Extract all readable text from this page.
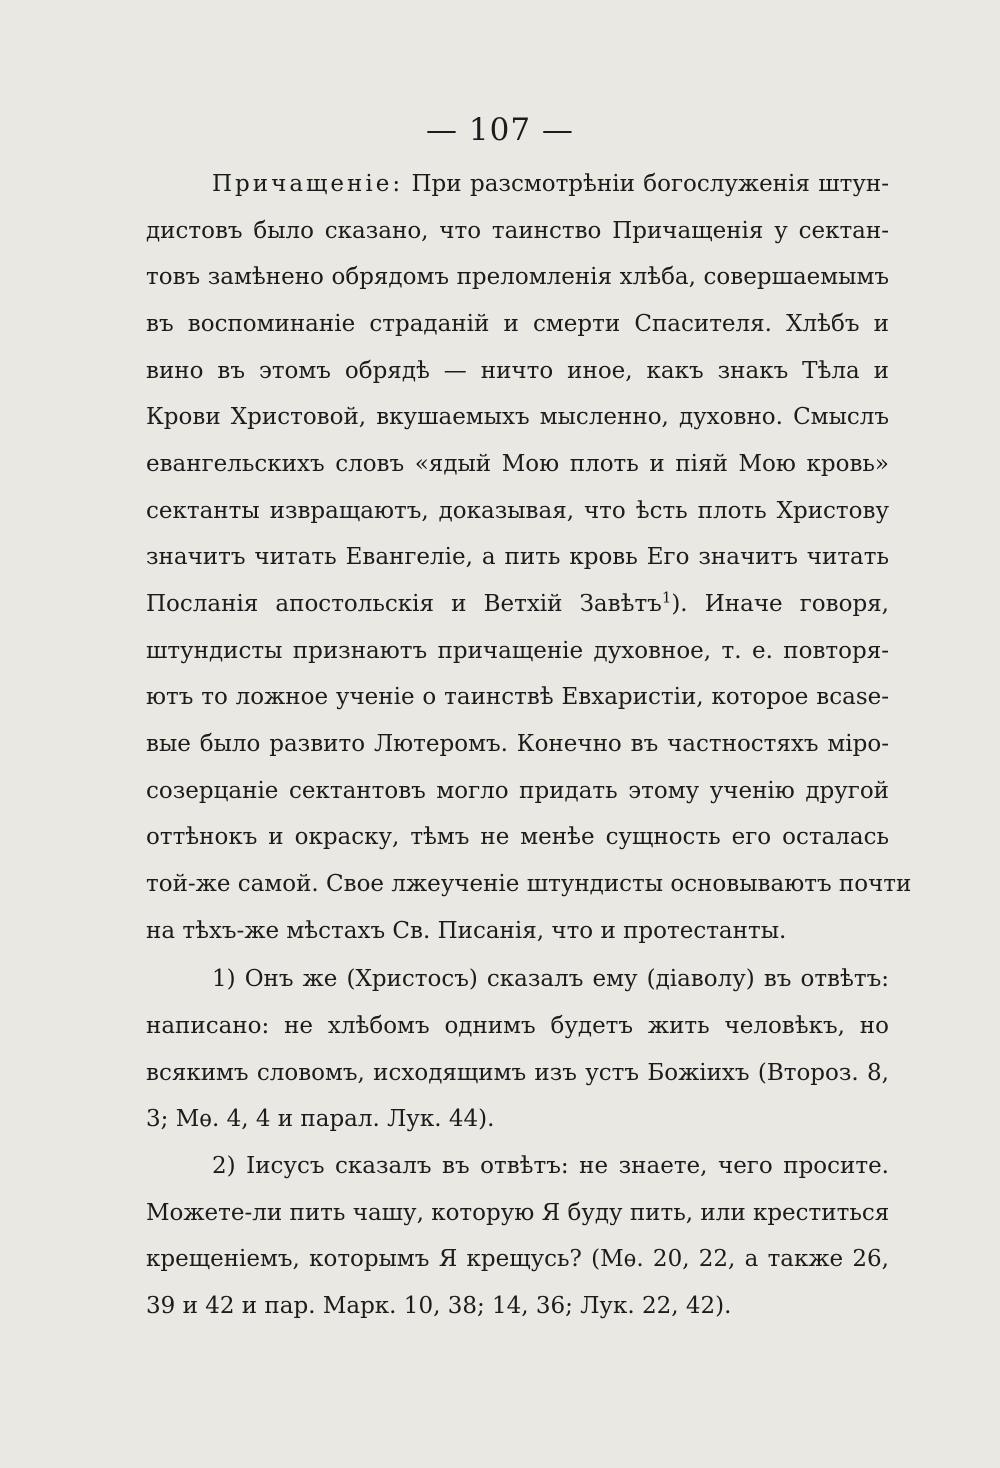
— 107 —
Причащеніе: При разсмотрѣніи богослуженія штун-
дистовъ было сказано, что таинство Причащенія у сектан-
товъ замѣнено обрядомъ преломленія хлѣба, совершаемымъ
въ воспоминаніе страданій и смерти Спасителя. Хлѣбъ и
вино въ этомъ обрядѣ — ничто иное, какъ знакъ Тѣла и
Крови Христовой, вкушаемыхъ мысленно, духовно. Смыслъ
евангельскихъ словъ «ядый Мою плоть и піяй Мою кровь»
сектанты извращаютъ, доказывая, что ѣсть плоть Христову
значитъ читать Евангеліе, а пить кровь Его значитъ читать
Посланія апостольскія и Ветхій Завѣтъ$^1$). Иначе говоря,
штундисты признаютъ причащеніе духовное, т. е. повторя-
ютъ то ложное ученіе о таинствѣ Евхаристіи, которое вcase-
вые было развито Лютеромъ. Конечно въ частностяхъ міро-
созерцаніе сектантовъ могло придать этому ученію другой
оттѣнокъ и окраску, тѣмъ не менѣе сущность его осталась
той-же самой. Свое лжеученіе штундисты основываютъ почти
на тѣхъ-же мѣстахъ Св. Писанія, что и протестанты.
1) Онъ же (Христосъ) сказалъ ему (діаволу) въ отвѣтъ:
написано: не хлѣбомъ однимъ будетъ жить человѣкъ, но
всякимъ словомъ, исходящимъ изъ устъ Божіихъ (Второз. 8,
3; Мѳ. 4, 4 и парал. Лук. 44).
2) Іисусъ сказалъ въ отвѣтъ: не знаете, чего просите.
Можете-ли пить чашу, которую Я буду пить, или креститься
крещеніемъ, которымъ Я крещусь? (Мѳ. 20, 22, а также 26,
39 и 42 и пар. Марк. 10, 38; 14, 36; Лук. 22, 42).
